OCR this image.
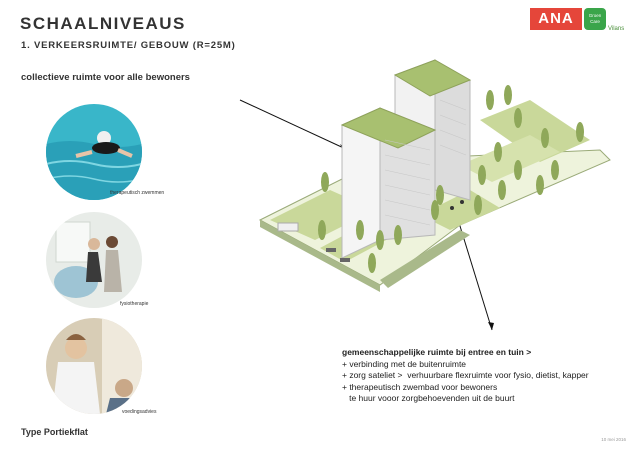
SCHAALNIVEAUS
1. VERKEERSRUIMTE/ GEBOUW (R=25M)
collectieve ruimte voor alle bewoners
ANA	Groen Care
Vilans
therapeutisch zwemmen
fysiotherapie
voedingsadvies
gemeenschappelijke ruimte bij entree en tuin >
+ verbinding met de buitenruimte
+ zorg sateliet >  verhuurbare flexruimte voor fysio, dietist, kapper
+ therapeutisch zwembad voor bewoners
te huur vooor zorgbehoevenden uit de buurt
Type Portiekflat
10 mei 2016
